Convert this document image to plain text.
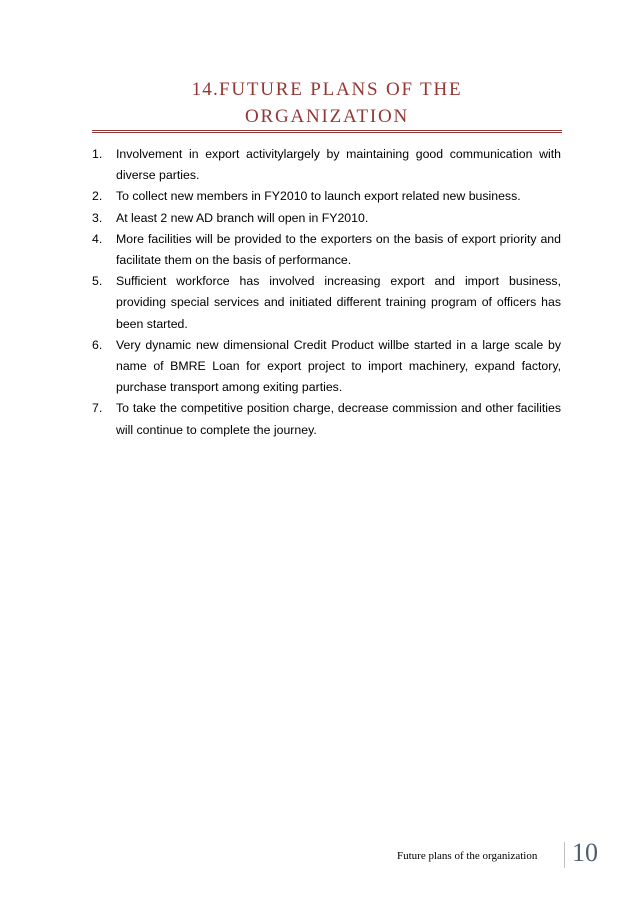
14.FUTURE PLANS OF THE
ORGANIZATION
1.	Involvement in export activitylargely by maintaining good communication with diverse parties.
2.	To collect new members in FY2010 to launch export related new business.
3.	At least 2 new AD branch will open in FY2010.
4.	More facilities will be provided to the exporters on the basis of export priority and facilitate them on the basis of performance.
5.	Sufficient workforce has involved increasing export and import business, providing special services and initiated different training program of officers has been started.
6.	Very dynamic new dimensional Credit Product willbe started in a large scale by name of BMRE Loan for export project to import machinery, expand factory, purchase transport among exiting parties.
7.	To take the competitive position charge, decrease commission and other facilities will continue to complete the journey.
Future plans of the organization 10
